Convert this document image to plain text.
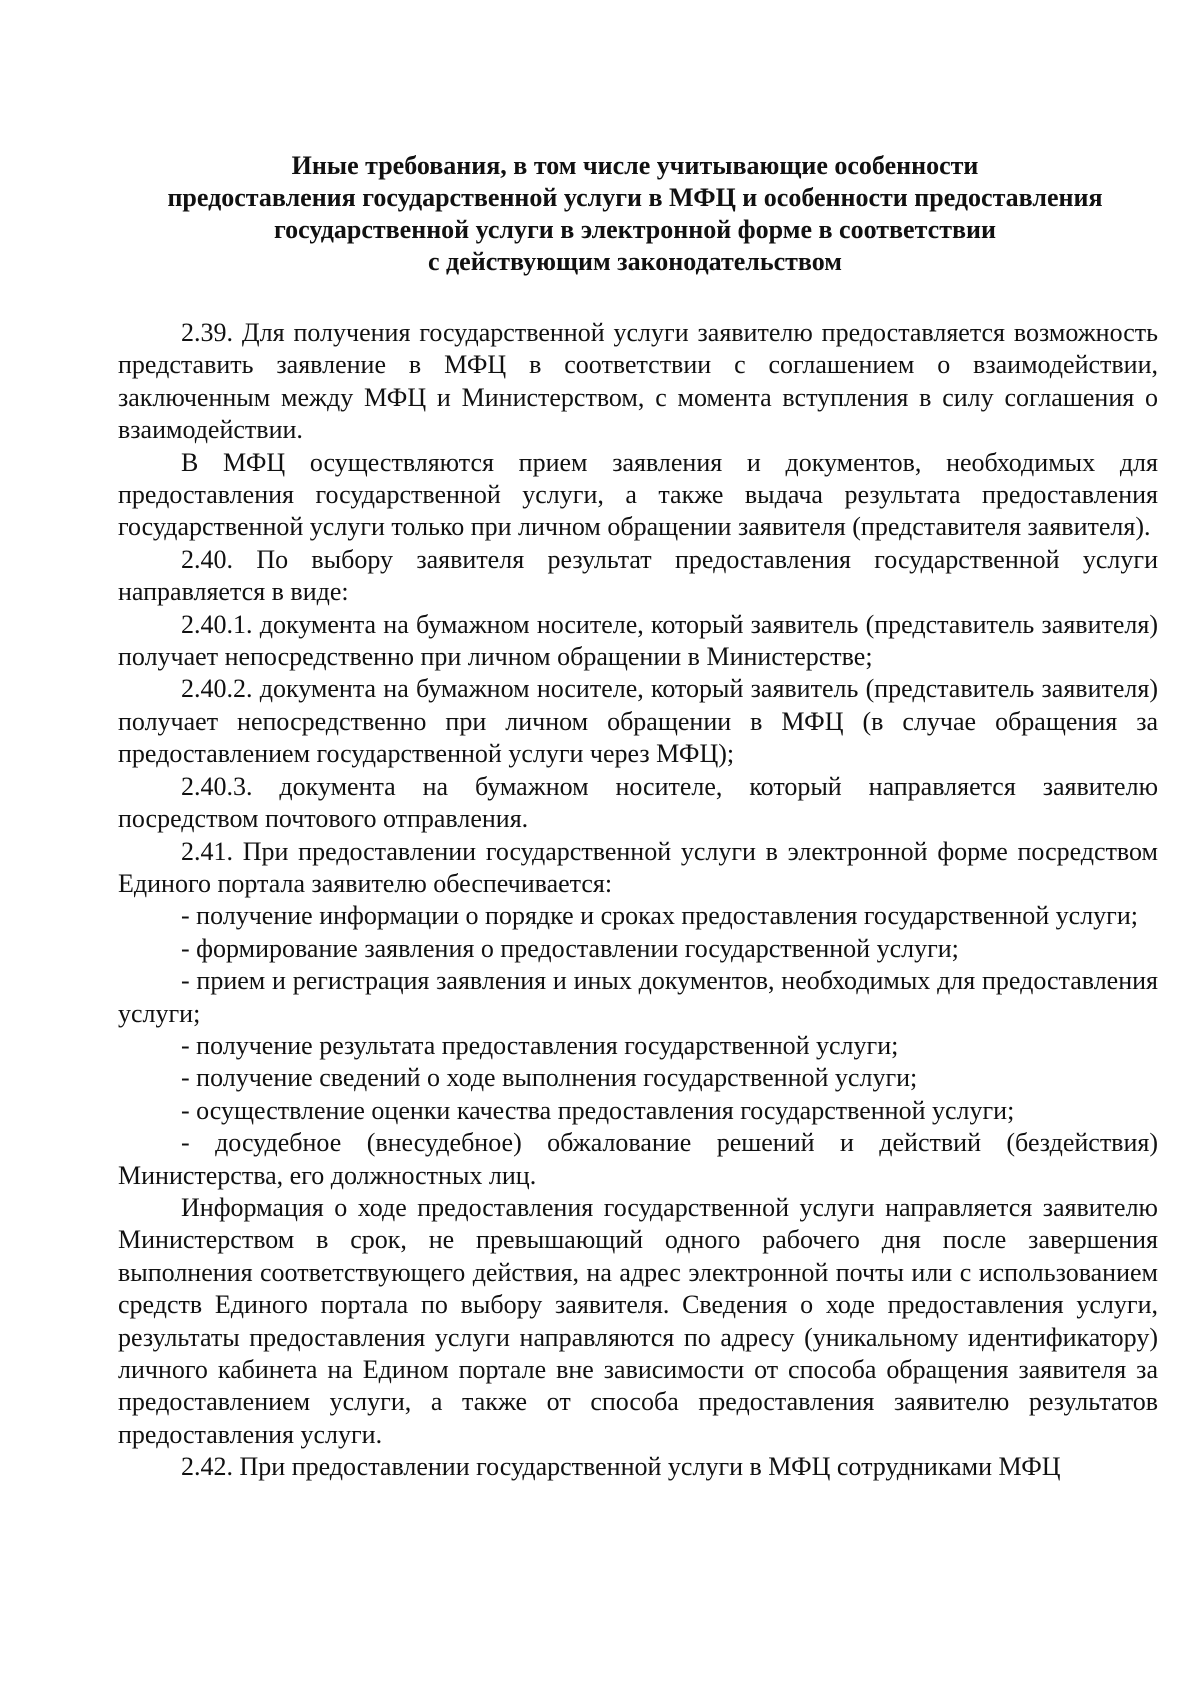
Иные требования, в том числе учитывающие особенности
предоставления государственной услуги в МФЦ и особенности предоставления
государственной услуги в электронной форме в соответствии
с действующим законодательством

2.39. Для получения государственной услуги заявителю предоставляется возможность представить заявление в МФЦ в соответствии с соглашением о взаимодействии, заключенным между МФЦ и Министерством, с момента вступления в силу соглашения о взаимодействии.

В МФЦ осуществляются прием заявления и документов, необходимых для предоставления государственной услуги, а также выдача результата предоставления государственной услуги только при личном обращении заявителя (представителя заявителя).

2.40. По выбору заявителя результат предоставления государственной услуги направляется в виде:

2.40.1. документа на бумажном носителе, который заявитель (представитель заявителя) получает непосредственно при личном обращении в Министерстве;

2.40.2. документа на бумажном носителе, который заявитель (представитель заявителя) получает непосредственно при личном обращении в МФЦ (в случае обращения за предоставлением государственной услуги через МФЦ);

2.40.3. документа на бумажном носителе, который направляется заявителю посредством почтового отправления.

2.41. При предоставлении государственной услуги в электронной форме посредством Единого портала заявителю обеспечивается:

- получение информации о порядке и сроках предоставления государственной услуги;

- формирование заявления о предоставлении государственной услуги;

- прием и регистрация заявления и иных документов, необходимых для предоставления услуги;

- получение результата предоставления государственной услуги;

- получение сведений о ходе выполнения государственной услуги;

- осуществление оценки качества предоставления государственной услуги;

- досудебное (внесудебное) обжалование решений и действий (бездействия) Министерства, его должностных лиц.

Информация о ходе предоставления государственной услуги направляется заявителю Министерством в срок, не превышающий одного рабочего дня после завершения выполнения соответствующего действия, на адрес электронной почты или с использованием средств Единого портала по выбору заявителя. Сведения о ходе предоставления услуги, результаты предоставления услуги направляются по адресу (уникальному идентификатору) личного кабинета на Едином портале вне зависимости от способа обращения заявителя за предоставлением услуги, а также от способа предоставления заявителю результатов предоставления услуги.

2.42. При предоставлении государственной услуги в МФЦ сотрудниками МФЦ
